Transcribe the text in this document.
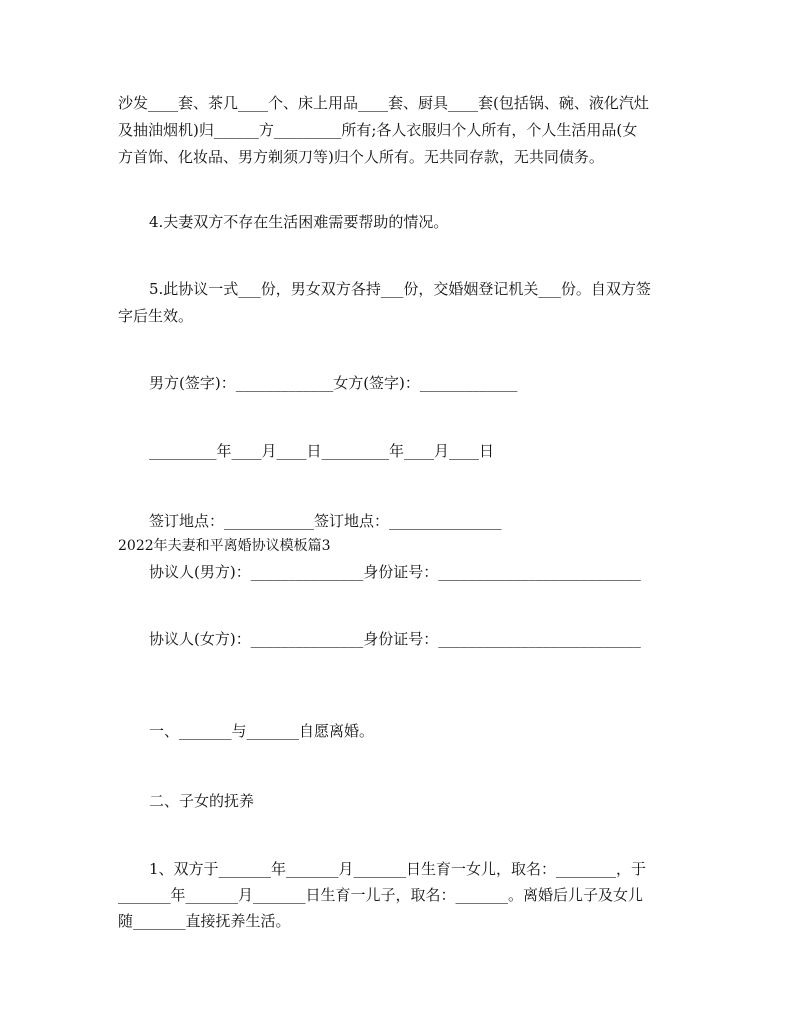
沙发____套、茶几____个、床上用品____套、厨具____套(包括锅、碗、液化汽灶
及抽油烟机)归______方_________所有;各人衣服归个人所有，个人生活用品(女
方首饰、化妆品、男方剃须刀等)归个人所有。无共同存款，无共同债务。
4.夫妻双方不存在生活困难需要帮助的情况。
5.此协议一式___份，男女双方各持___份，交婚姻登记机关___份。自双方签
字后生效。
男方(签字)：_____________女方(签字)：_____________
_________年____月____日_________年____月____日
签订地点：____________签订地点：_______________
2022年夫妻和平离婚协议模板篇3
协议人(男方)：_______________身份证号：___________________________
协议人(女方)：_______________身份证号：___________________________
一、_______与_______自愿离婚。
二、子女的抚养
1、双方于_______年_______月_______日生育一女儿，取名：________，于
_______年_______月_______日生育一儿子，取名：_______。离婚后儿子及女儿
随_______直接抚养生活。
